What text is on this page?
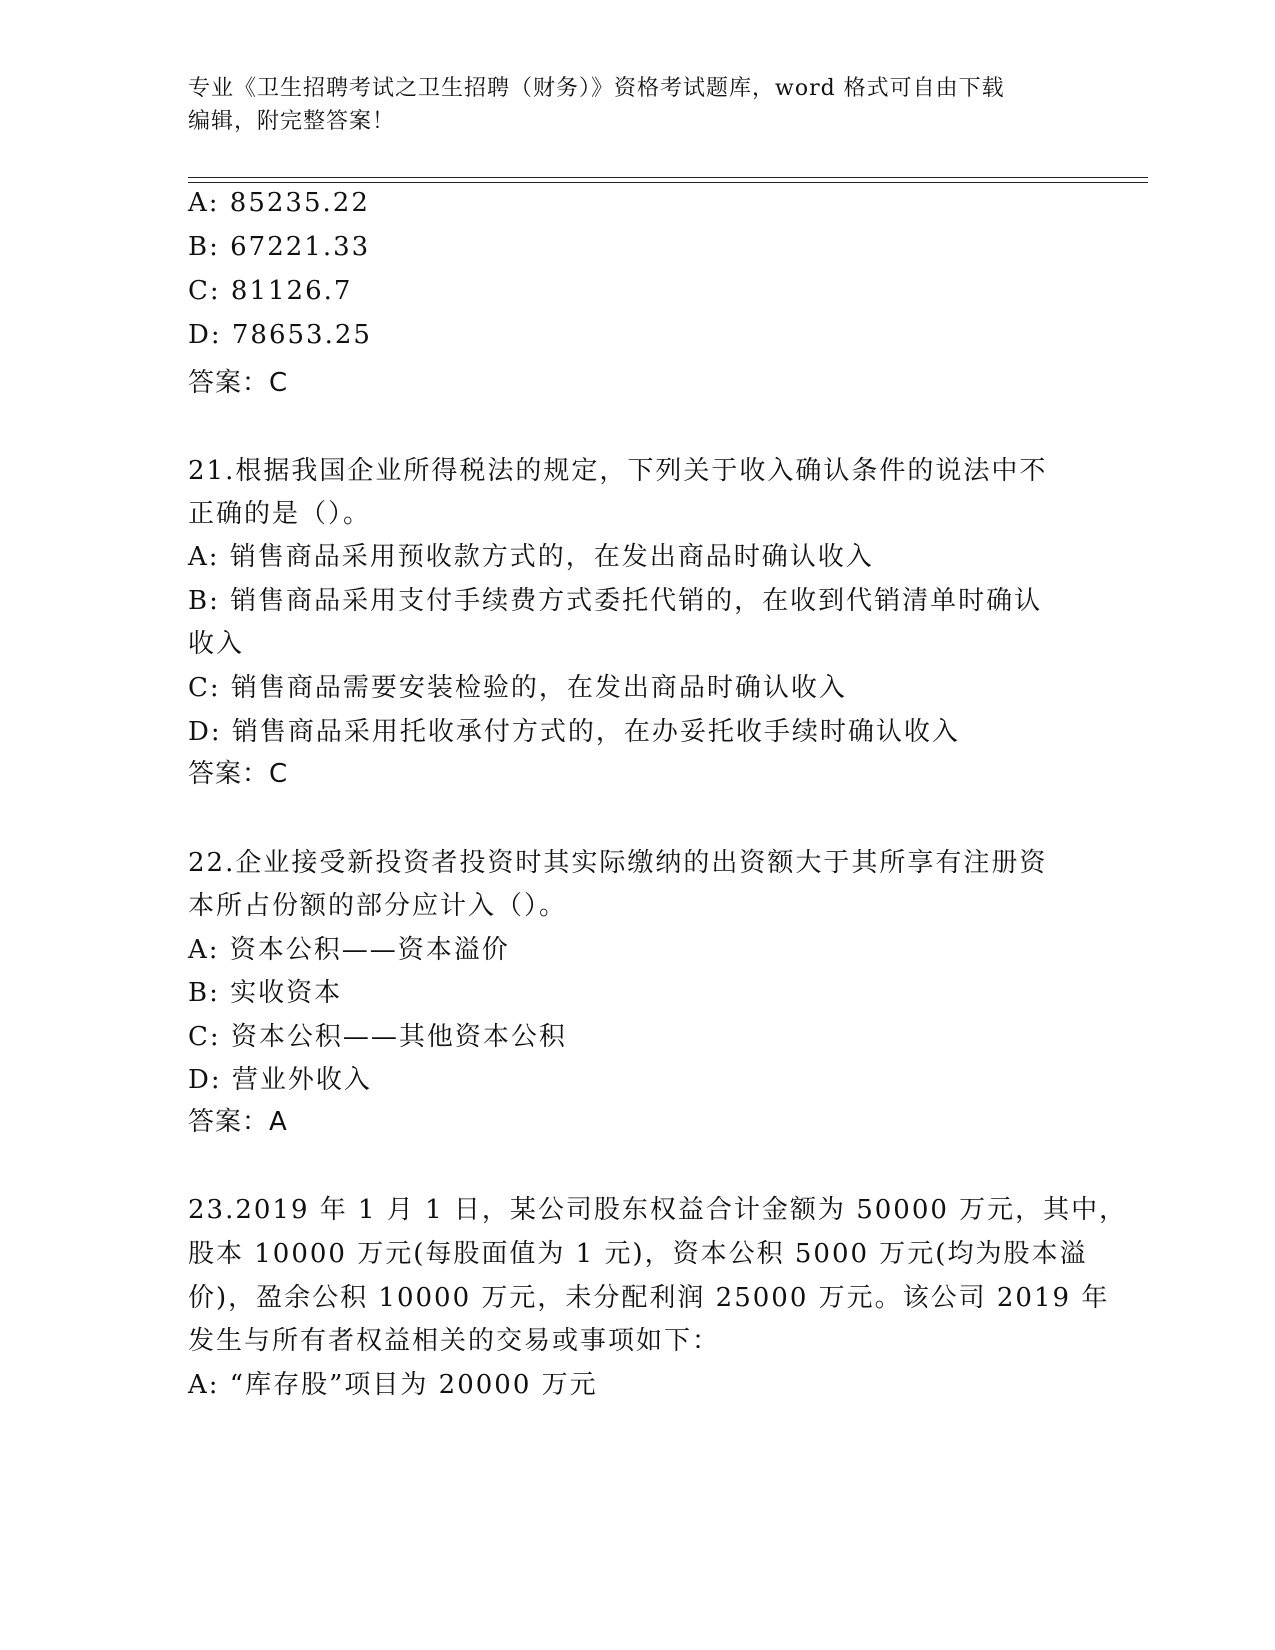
专业《卫生招聘考试之卫生招聘（财务）》资格考试题库，word 格式可自由下载
编辑，附完整答案！
A: 85235.22
B: 67221.33
C: 81126.7
D: 78653.25
答案：C
21.根据我国企业所得税法的规定，下列关于收入确认条件的说法中不
正确的是（）。
A: 销售商品采用预收款方式的，在发出商品时确认收入
B: 销售商品采用支付手续费方式委托代销的，在收到代销清单时确认
收入
C: 销售商品需要安装检验的，在发出商品时确认收入
D: 销售商品采用托收承付方式的，在办妥托收手续时确认收入
答案：C
22.企业接受新投资者投资时其实际缴纳的出资额大于其所享有注册资
本所占份额的部分应计入（）。
A: 资本公积——资本溢价
B: 实收资本
C: 资本公积——其他资本公积
D: 营业外收入
答案：A
23.2019 年 1 月 1 日，某公司股东权益合计金额为 50000 万元，其中，
股本 10000 万元(每股面值为 1 元)，资本公积 5000 万元(均为股本溢
价)，盈余公积 10000 万元，未分配利润 25000 万元。该公司 2019 年
发生与所有者权益相关的交易或事项如下：
A: “库存股”项目为 20000 万元
